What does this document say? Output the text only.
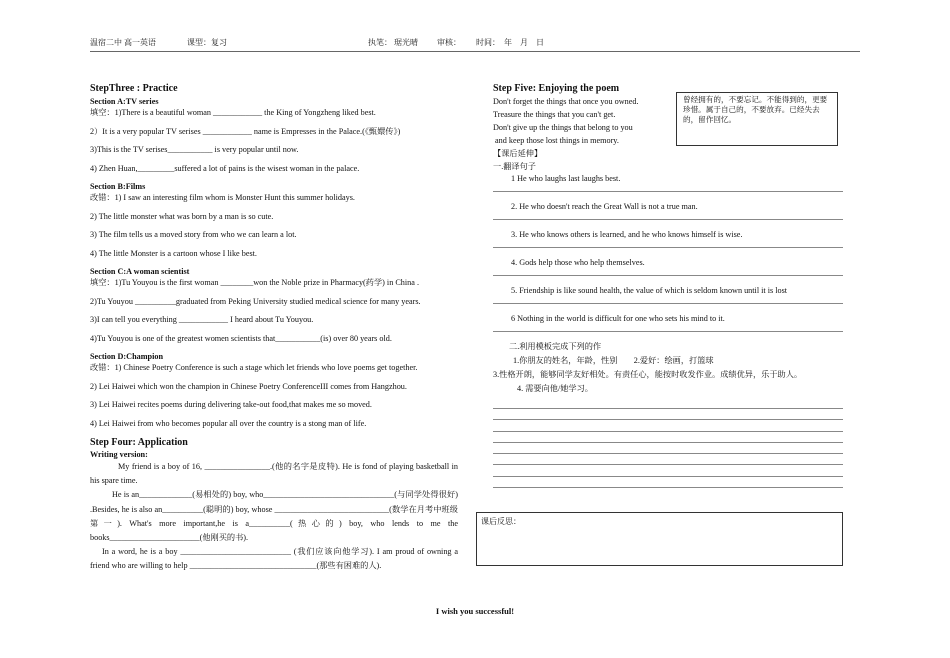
温宿二中 高一英语	课型：复习	执笔： 琚光晴 审核： 时间：　年　月　日
StepThree : Practice
Section A:TV series
填空：1)There is a beautiful woman ____________ the King of Yongzheng liked best.
2）It is a very popular TV serises ____________ name is Empresses in the Palace.(《甄嬛传》)
3)This is the TV serises___________ is very popular until now.
4) Zhen Huan,_________suffered a lot of pains is the wisest woman in the palace.
Section B:Films
改错：1) I saw an interesting film whom is Monster Hunt this summer holidays.
2) The little monster what was born by a man is so cute.
3) The film tells us a moved story from who we can learn a lot.
4) The little Monster is a cartoon whose I like best.
Section C:A woman scientist
填空：1)Tu Youyou is the first woman ________won the Noble prize in Pharmacy(药学) in China .
2)Tu Youyou __________graduated from Peking University studied medical science for many years.
3)I can tell you everything ____________ I heard about Tu Youyou.
4)Tu Youyou is one of the greatest women scientists that___________(is) over 80 years old.
Section D:Champion
改错：1) Chinese Poetry Conference is such a stage which let friends who love poems get together.
2) Lei Haiwei which won the champion in Chinese Poetry ConferenceIII comes from Hangzhou.
3) Lei Haiwei recites poems during delivering take-out food,that makes me so moved.
4) Lei Haiwei from who becomes popular all over the country is a stong man of life.
Step Four: Application
Writing version:
My friend is a boy of 16, ________________.(他的名字是皮特). He is fond of playing basketball in his spare time.
He is an_____________(易相处的) boy, who________________________________(与同学处得很好) .Besides, he is also an__________(聪明的) boy, whose ____________________________(数学在月考中班级第一). What's more important,he is a__________(热心的) boy, who lends to me the books______________________(他刚买的书).
In a word, he is a boy ___________________________ (我们应该向他学习). I am proud of owning a friend who are willing to help _______________________________(那些有困难的人).
Step Five: Enjoying the poem
Don't forget the things that once you owned.
Treasure the things that you can't get.
Don't give up the things that belong to you
and keep those lost things in memory.
【课后延伸】
一.翻译句子
1 He who laughs last laughs best.
2. He who doesn't reach the Great Wall is not a true man.
3. He who knows others is learned, and he who knows himself is wise.
4. Gods help those who help themselves.
5. Friendship is like sound health, the value of which is seldom known until it is lost
6 Nothing in the world is difficult for one who sets his mind to it.
二.利用模板完成下列的作
1.你朋友的姓名，年龄，性别　　2.爱好：绘画，打篮球
3.性格开朗，能够同学友好相处。有责任心，能按时收发作业。成绩优异，乐于助人。
4. 需要向他/她学习。
曾经拥有的，不要忘记。不能得到的，更要珍惜。属于自己的，不要放弃。已经失去的，留作回忆。
课后反思：
I wish you successful!
